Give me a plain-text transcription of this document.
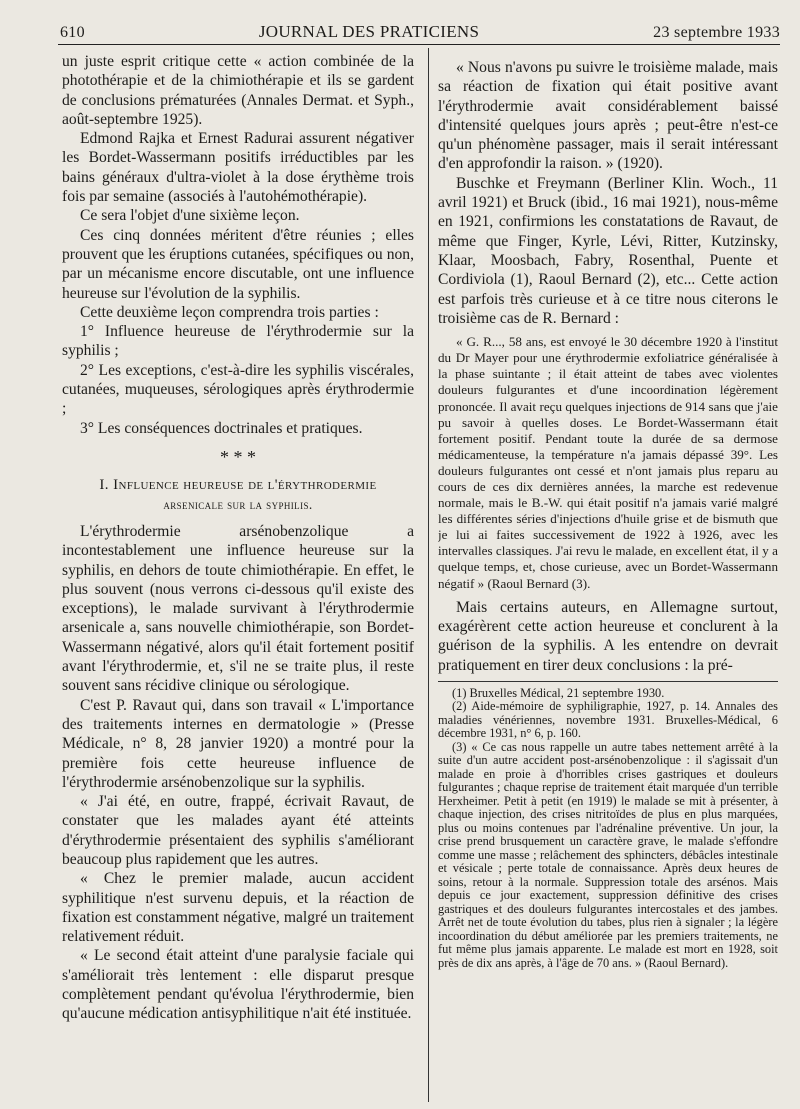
610	JOURNAL DES PRATICIENS	23 septembre 1933

un juste esprit critique cette « action combinée de la photothérapie et de la chimiothérapie et ils se gardent de conclusions prématurées (Annales Dermat. et Syph., août-septembre 1925).

Edmond Rajka et Ernest Radurai assurent négativer les Bordet-Wassermann positifs irréductibles par les bains généraux d'ultra-violet à la dose érythème trois fois par semaine (associés à l'autohémothérapie).

Ce sera l'objet d'une sixième leçon.

Ces cinq données méritent d'être réunies ; elles prouvent que les éruptions cutanées, spécifiques ou non, par un mécanisme encore discutable, ont une influence heureuse sur l'évolution de la syphilis.

Cette deuxième leçon comprendra trois parties :

1° Influence heureuse de l'érythrodermie sur la syphilis ;

2° Les exceptions, c'est-à-dire les syphilis viscérales, cutanées, muqueuses, sérologiques après érythrodermie ;

3° Les conséquences doctrinales et pratiques.

* * *
I. Influence heureuse de l'érythrodermie
arsenicale sur la syphilis.

L'érythrodermie arsénobenzolique a incontestablement une influence heureuse sur la syphilis, en dehors de toute chimiothérapie. En effet, le plus souvent (nous verrons ci-dessous qu'il existe des exceptions), le malade survivant à l'érythrodermie arsenicale a, sans nouvelle chimiothérapie, son Bordet-Wassermann négativé, alors qu'il était fortement positif avant l'érythrodermie, et, s'il ne se traite plus, il reste souvent sans récidive clinique ou sérologique.

C'est P. Ravaut qui, dans son travail « L'importance des traitements internes en dermatologie » (Presse Médicale, n° 8, 28 janvier 1920) a montré pour la première fois cette heureuse influence de l'érythrodermie arsénobenzolique sur la syphilis.

« J'ai été, en outre, frappé, écrivait Ravaut, de constater que les malades ayant été atteints d'érythrodermie présentaient des syphilis s'améliorant beaucoup plus rapidement que les autres.

« Chez le premier malade, aucun accident syphilitique n'est survenu depuis, et la réaction de fixation est constamment négative, malgré un traitement relativement réduit.

« Le second était atteint d'une paralysie faciale qui s'améliorait très lentement : elle disparut presque complètement pendant qu'évolua l'érythrodermie, bien qu'aucune médication antisyphilitique n'ait été instituée.

« Nous n'avons pu suivre le troisième malade, mais sa réaction de fixation qui était positive avant l'érythrodermie avait considérablement baissé d'intensité quelques jours après ; peut-être n'est-ce qu'un phénomène passager, mais il serait intéressant d'en approfondir la raison. » (1920).

Buschke et Freymann (Berliner Klin. Woch., 11 avril 1921) et Bruck (ibid., 16 mai 1921), nous-même en 1921, confirmions les constatations de Ravaut, de même que Finger, Kyrle, Lévi, Ritter, Kutzinsky, Klaar, Moosbach, Fabry, Rosenthal, Puente et Cordiviola (1), Raoul Bernard (2), etc... Cette action est parfois très curieuse et à ce titre nous citerons le troisième cas de R. Bernard :

« G. R..., 58 ans, est envoyé le 30 décembre 1920 à l'institut du Dr Mayer pour une érythrodermie exfoliatrice généralisée à la phase suintante ; il était atteint de tabes avec violentes douleurs fulgurantes et d'une incoordination légèrement prononcée. Il avait reçu quelques injections de 914 sans que j'aie pu savoir à quelles doses. Le Bordet-Wassermann était fortement positif. Pendant toute la durée de sa dermose médicamenteuse, la température n'a jamais dépassé 39°. Les douleurs fulgurantes ont cessé et n'ont jamais plus reparu au cours de ces dix dernières années, la marche est redevenue normale, mais le B.-W. qui était positif n'a jamais varié malgré les différentes séries d'injections d'huile grise et de bismuth que je lui ai faites successivement de 1922 à 1926, avec les intervalles classiques. J'ai revu le malade, en excellent état, il y a quelque temps, et, chose curieuse, avec un Bordet-Wassermann négatif » (Raoul Bernard (3).

Mais certains auteurs, en Allemagne surtout, exagérèrent cette action heureuse et conclurent à la guérison de la syphilis. A les entendre on devrait pratiquement en tirer deux conclusions : la pré-

(1) Bruxelles Médical, 21 septembre 1930.

(2) Aide-mémoire de syphiligraphie, 1927, p. 14. Annales des maladies vénériennes, novembre 1931. Bruxelles-Médical, 6 décembre 1931, n° 6, p. 160.

(3) « Ce cas nous rappelle un autre tabes nettement arrêté à la suite d'un autre accident post-arsénobenzolique : il s'agissait d'un malade en proie à d'horribles crises gastriques et douleurs fulgurantes ; chaque reprise de traitement était marquée d'un terrible Herxheimer. Petit à petit (en 1919) le malade se mit à présenter, à chaque injection, des crises nitritoïdes de plus en plus marquées, plus ou moins contenues par l'adrénaline préventive. Un jour, la crise prend brusquement un caractère grave, le malade s'effondre comme une masse ; relâchement des sphincters, débâcles intestinale et vésicale ; perte totale de connaissance. Après deux heures de soins, retour à la normale. Suppression totale des arsénos. Mais depuis ce jour exactement, suppression définitive des crises gastriques et des douleurs fulgurantes intercostales et des jambes. Arrêt net de toute évolution du tabes, plus rien à signaler ; la légère incoordination du début améliorée par les premiers traitements, ne fut même plus jamais apparente. Le malade est mort en 1928, soit près de dix ans après, à l'âge de 70 ans. » (Raoul Bernard).
